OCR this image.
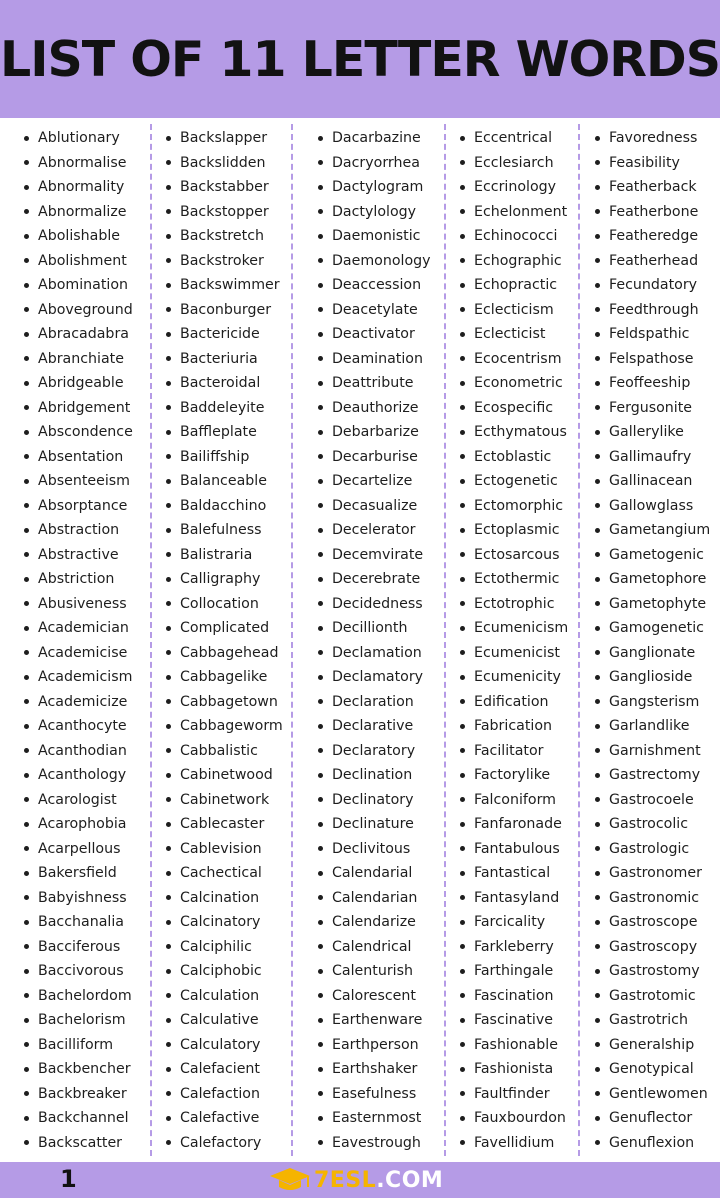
LIST OF 11 LETTER WORDS
Ablutionary
Abnormalise
Abnormality
Abnormalize
Abolishable
Abolishment
Abomination
Aboveground
Abracadabra
Abranchiate
Abridgeable
Abridgement
Abscondence
Absentation
Absenteeism
Absorptance
Abstraction
Abstractive
Abstriction
Abusiveness
Academician
Academicise
Academicism
Academicize
Acanthocyte
Acanthodian
Acanthology
Acarologist
Acarophobia
Acarpellous
Bakersfield
Babyishness
Bacchanalia
Bacciferous
Baccivorous
Bachelordom
Bachelorism
Bacilliform
Backbencher
Backbreaker
Backchannel
Backscatter
Backslapper
Backslidden
Backstabber
Backstopper
Backstretch
Backstroker
Backswimmer
Baconburger
Bactericide
Bacteriuria
Bacteroidal
Baddeleyite
Baffleplate
Bailiffship
Balanceable
Baldacchino
Balefulness
Balistraria
Calligraphy
Collocation
Complicated
Cabbagehead
Cabbagelike
Cabbagetown
Cabbageworm
Cabbalistic
Cabinetwood
Cabinetwork
Cablecaster
Cablevision
Cachectical
Calcination
Calcinatory
Calciphilic
Calciphobic
Calculation
Calculative
Calculatory
Calefacient
Calefaction
Calefactive
Calefactory
Dacarbazine
Dacryorrhea
Dactylogram
Dactylology
Daemonistic
Daemonology
Deaccession
Deacetylate
Deactivator
Deamination
Deattribute
Deauthorize
Debarbarize
Decarburise
Decartelize
Decasualize
Decelerator
Decemvirate
Decerebrate
Decidedness
Decillionth
Declamation
Declamatory
Declaration
Declarative
Declaratory
Declination
Declinatory
Declinature
Declivitous
Calendarial
Calendarian
Calendarize
Calendrical
Calenturish
Calorescent
Earthenware
Earthperson
Earthshaker
Easefulness
Easternmost
Eavestrough
Eccentrical
Ecclesiarch
Eccrinology
Echelonment
Echinococci
Echographic
Echopractic
Eclecticism
Eclecticist
Ecocentrism
Econometric
Ecospecific
Ecthymatous
Ectoblastic
Ectogenetic
Ectomorphic
Ectoplasmic
Ectosarcous
Ectothermic
Ectotrophic
Ecumenicism
Ecumenicist
Ecumenicity
Edification
Fabrication
Facilitator
Factorylike
Falconiform
Fanfaronade
Fantabulous
Fantastical
Fantasyland
Farcicality
Farkleberry
Farthingale
Fascination
Fascinative
Fashionable
Fashionista
Faultfinder
Fauxbourdon
Favellidium
Favoredness
Feasibility
Featherback
Featherbone
Featheredge
Featherhead
Fecundatory
Feedthrough
Feldspathic
Felspathose
Feoffeeship
Fergusonite
Gallerylike
Gallimaufry
Gallinacean
Gallowglass
Gametangium
Gametogenic
Gametophore
Gametophyte
Gamogenetic
Ganglionate
Ganglioside
Gangsterism
Garlandlike
Garnishment
Gastrectomy
Gastrocoele
Gastrocolic
Gastrologic
Gastronomer
Gastronomic
Gastroscope
Gastroscopy
Gastrostomy
Gastrotomic
Gastrotrich
Generalship
Genotypical
Gentlewomen
Genuflector
Genuflexion
1	7ESL.COM
